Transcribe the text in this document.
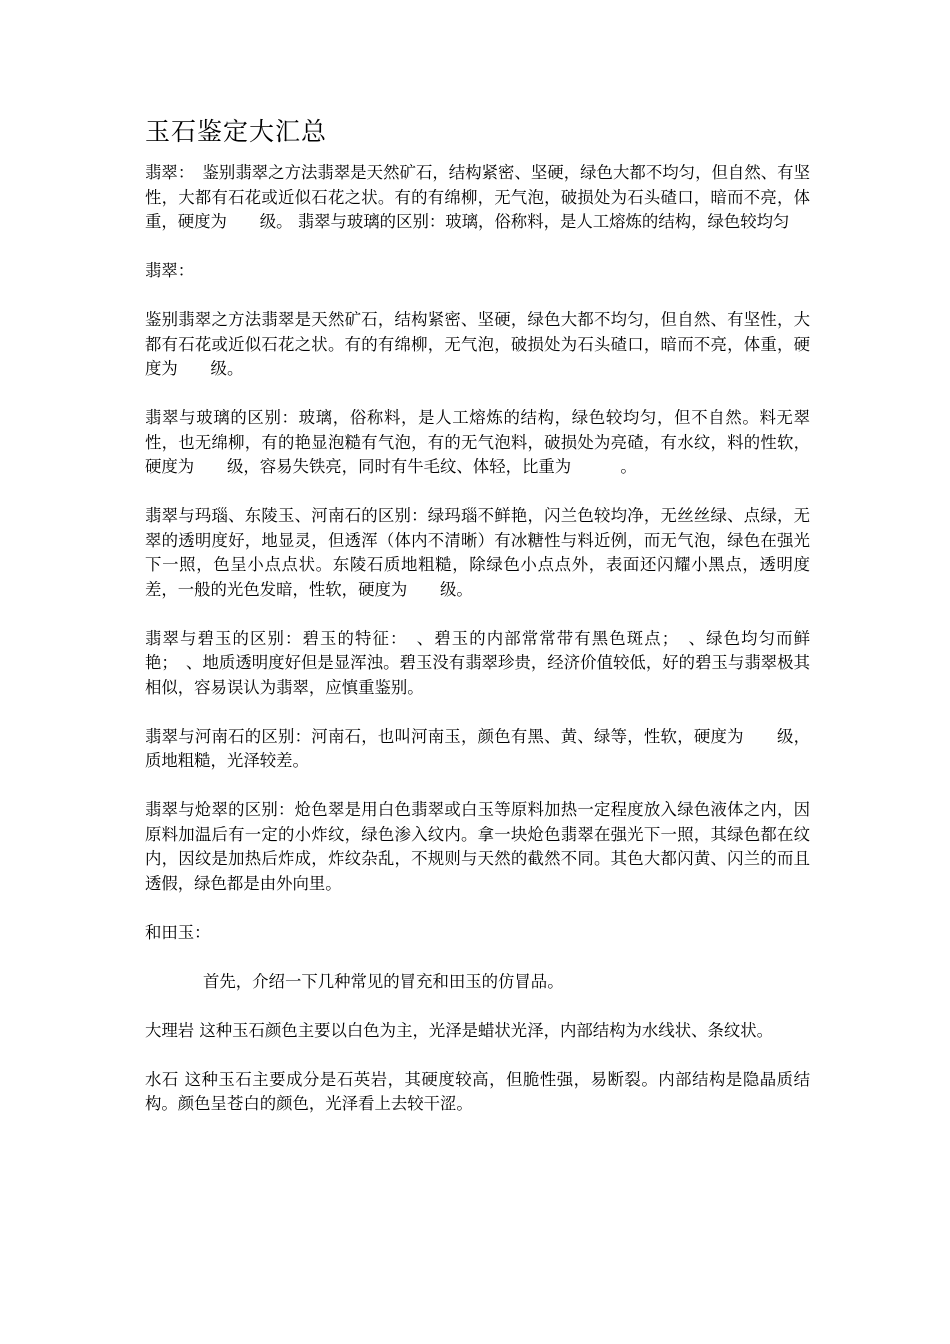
玉石鉴定大汇总

翡翠：　鉴别翡翠之方法翡翠是天然矿石，结构紧密、坚硬，绿色大都不均匀，但自然、有坚性，大都有石花或近似石花之状。有的有绵柳，无气泡，破损处为石头碴口，暗而不亮，体重，硬度为　　级。 翡翠与玻璃的区别：玻璃，俗称料，是人工熔炼的结构，绿色较均匀

翡翠：

鉴别翡翠之方法翡翠是天然矿石，结构紧密、坚硬，绿色大都不均匀，但自然、有坚性，大都有石花或近似石花之状。有的有绵柳，无气泡，破损处为石头碴口，暗而不亮，体重，硬度为　　级。

翡翠与玻璃的区别：玻璃，俗称料，是人工熔炼的结构，绿色较均匀，但不自然。料无翠性，也无绵柳，有的艳显泡糙有气泡，有的无气泡料，破损处为亮碴，有水纹，料的性软，硬度为　　级，容易失铁亮，同时有牛毛纹、体轻，比重为　　　。

翡翠与玛瑙、东陵玉、河南石的区别：绿玛瑙不鲜艳，闪兰色较均净，无丝丝绿、点绿，无翠的透明度好，地显灵，但透浑（体内不清晰）有冰糖性与料近例，而无气泡，绿色在强光下一照，色呈小点点状。东陵石质地粗糙，除绿色小点点外，表面还闪耀小黑点，透明度差，一般的光色发暗，性软，硬度为　　级。

翡翠与碧玉的区别：碧玉的特征：　、碧玉的内部常常带有黑色斑点；　、绿色均匀而鲜艳；　、地质透明度好但是显浑浊。碧玉没有翡翠珍贵，经济价值较低，好的碧玉与翡翠极其相似，容易误认为翡翠，应慎重鉴别。

翡翠与河南石的区别：河南石，也叫河南玉，颜色有黑、黄、绿等，性软，硬度为　　级，质地粗糙，光泽较差。

翡翠与炝翠的区别：炝色翠是用白色翡翠或白玉等原料加热一定程度放入绿色液体之内，因原料加温后有一定的小炸纹，绿色渗入纹内。拿一块炝色翡翠在强光下一照，其绿色都在纹内，因纹是加热后炸成，炸纹杂乱，不规则与天然的截然不同。其色大都闪黄、闪兰的而且透假，绿色都是由外向里。

和田玉：

首先，介绍一下几种常见的冒充和田玉的仿冒品。

大理岩 这种玉石颜色主要以白色为主，光泽是蜡状光泽，内部结构为水线状、条纹状。

水石 这种玉石主要成分是石英岩，其硬度较高，但脆性强，易断裂。内部结构是隐晶质结构。颜色呈苍白的颜色，光泽看上去较干涩。
